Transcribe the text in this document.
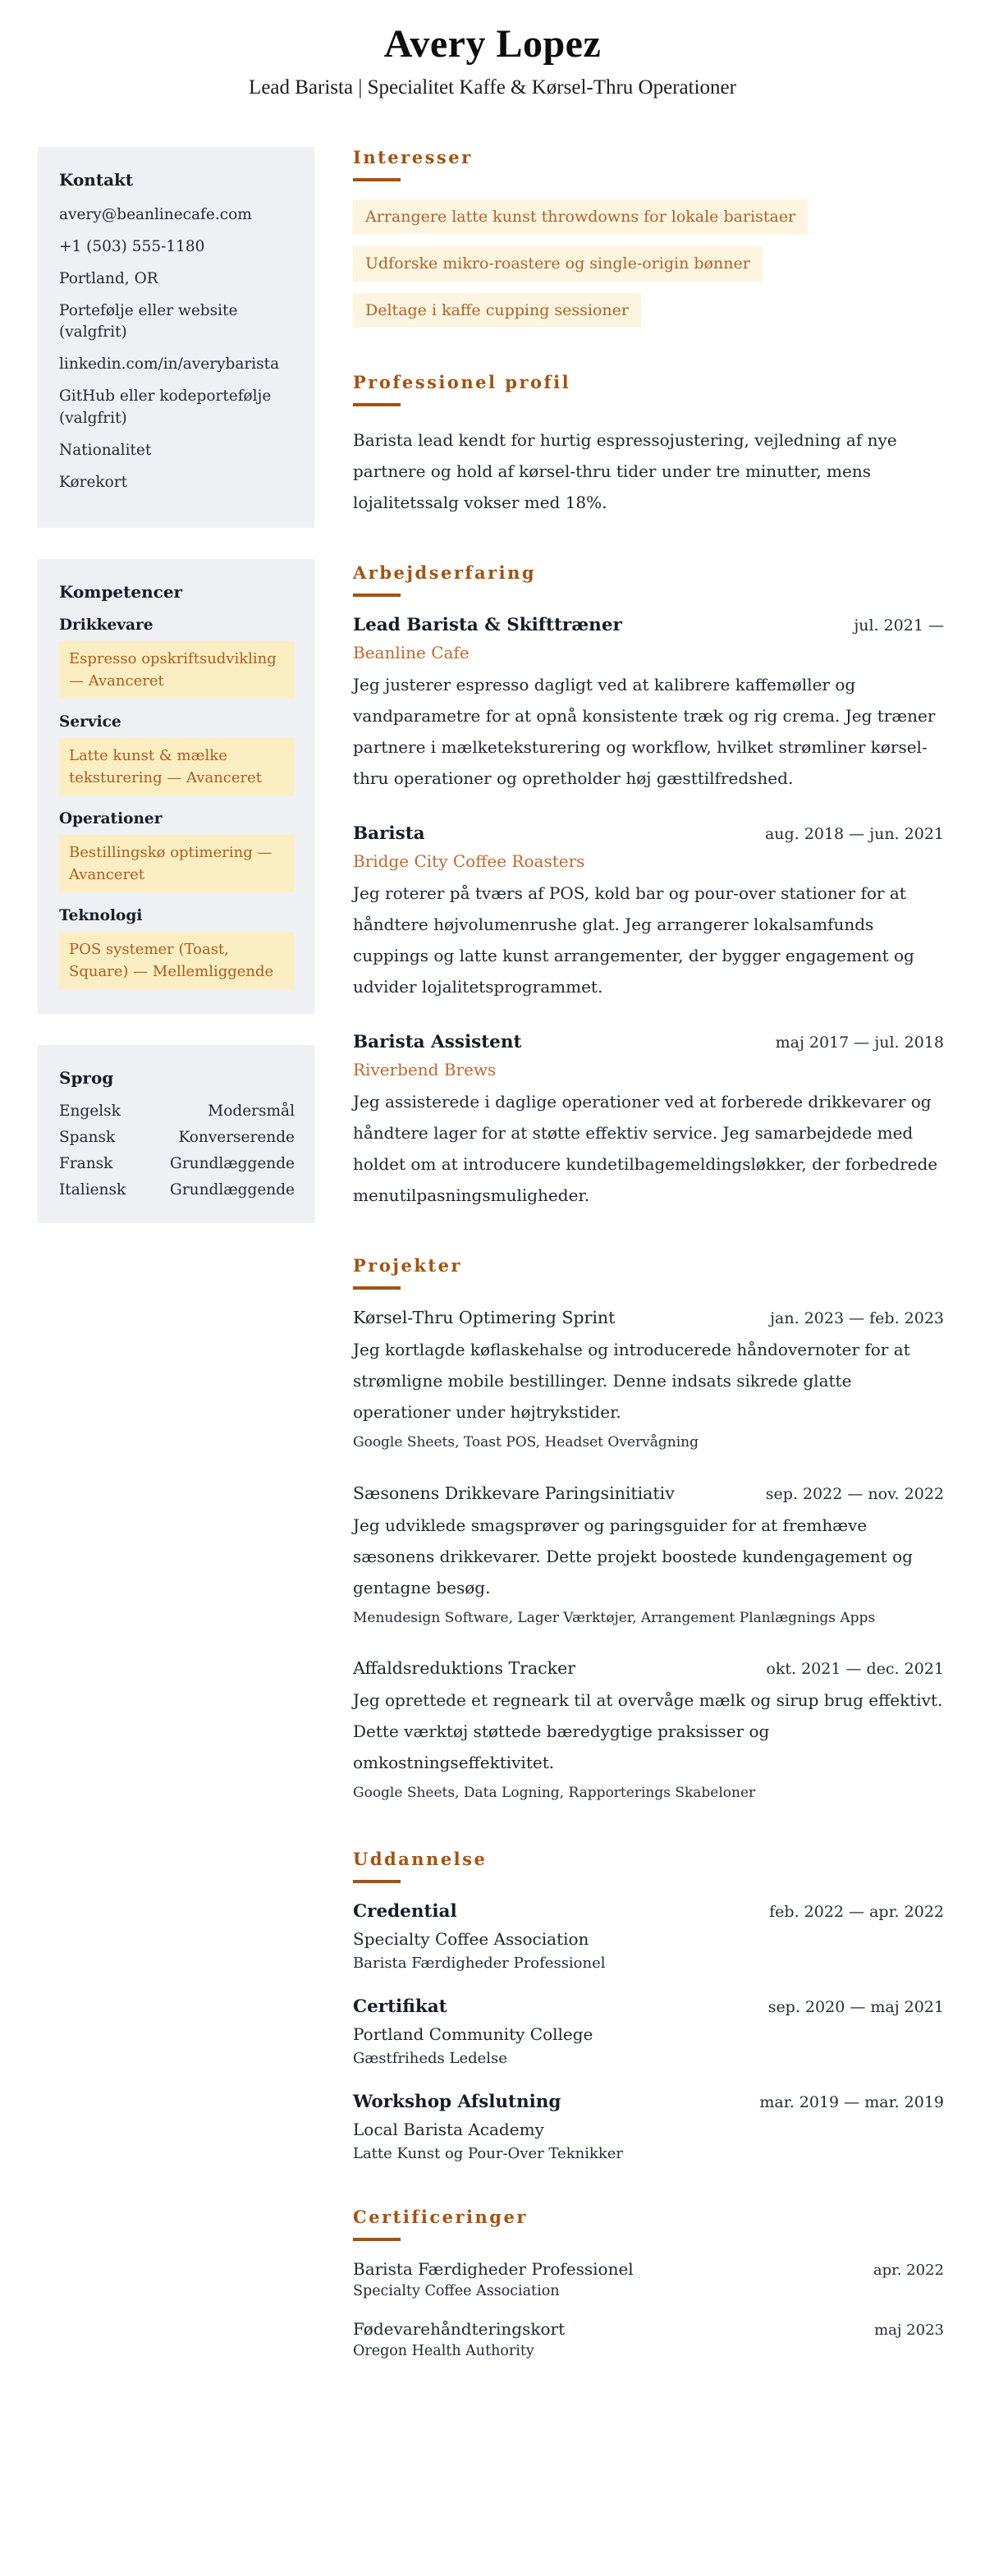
Avery Lopez
Lead Barista | Specialitet Kaffe & Kørsel-Thru Operationer
Kontakt
avery@beanlinecafe.com
+1 (503) 555-1180
Portland, OR
Portefølje eller website (valgfrit)
linkedin.com/in/averybarista
GitHub eller kodeportefølje (valgfrit)
Nationalitet
Kørekort
Kompetencer
Drikkevare
Espresso opskriftsudvikling — Avanceret
Service
Latte kunst & mælke teksturering — Avanceret
Operationer
Bestillingskø optimering — Avanceret
Teknologi
POS systemer (Toast, Square) — Mellemliggende
Sprog
Engelsk	Modersmål
Spansk	Konverserende
Fransk	Grundlæggende
Italiensk	Grundlæggende
Interesser
Arrangere latte kunst throwdowns for lokale baristaer
Udforske mikro-roastere og single-origin bønner
Deltage i kaffe cupping sessioner
Professionel profil

Barista lead kendt for hurtig espressojustering, vejledning af nye partnere og hold af kørsel-thru tider under tre minutter, mens lojalitetssalg vokser med 18%.

Arbejdserfaring
Lead Barista & Skifttræner	jul. 2021 —
Beanline Cafe

Jeg justerer espresso dagligt ved at kalibrere kaffemøller og vandparametre for at opnå konsistente træk og rig crema. Jeg træner partnere i mælketeksturering og workflow, hvilket strømliner kørsel-thru operationer og opretholder høj gæsttilfredshed.

Barista	aug. 2018 — jun. 2021
Bridge City Coffee Roasters

Jeg roterer på tværs af POS, kold bar og pour-over stationer for at håndtere højvolumenrushe glat. Jeg arrangerer lokalsamfunds cuppings og latte kunst arrangementer, der bygger engagement og udvider lojalitetsprogrammet.

Barista Assistent	maj 2017 — jul. 2018
Riverbend Brews

Jeg assisterede i daglige operationer ved at forberede drikkevarer og håndtere lager for at støtte effektiv service. Jeg samarbejdede med holdet om at introducere kundetilbagemeldingsløkker, der forbedrede menutilpasningsmuligheder.

Projekter
Kørsel-Thru Optimering Sprint	jan. 2023 — feb. 2023

Jeg kortlagde køflaskehalse og introducerede håndovernoter for at strømligne mobile bestillinger. Denne indsats sikrede glatte operationer under højtrykstider.

Google Sheets, Toast POS, Headset Overvågning
Sæsonens Drikkevare Paringsinitiativ	sep. 2022 — nov. 2022

Jeg udviklede smagsprøver og paringsguider for at fremhæve sæsonens drikkevarer. Dette projekt boostede kundengagement og gentagne besøg.

Menudesign Software, Lager Værktøjer, Arrangement Planlægnings Apps
Affaldsreduktions Tracker	okt. 2021 — dec. 2021

Jeg oprettede et regneark til at overvåge mælk og sirup brug effektivt. Dette værktøj støttede bæredygtige praksisser og omkostningseffektivitet.

Google Sheets, Data Logning, Rapporterings Skabeloner
Uddannelse
Credential	feb. 2022 — apr. 2022
Specialty Coffee Association
Barista Færdigheder Professionel
Certifikat	sep. 2020 — maj 2021
Portland Community College
Gæstfriheds Ledelse
Workshop Afslutning	mar. 2019 — mar. 2019
Local Barista Academy
Latte Kunst og Pour-Over Teknikker
Certificeringer
Barista Færdigheder Professionel	apr. 2022
Specialty Coffee Association
Fødevarehåndteringskort	maj 2023
Oregon Health Authority
